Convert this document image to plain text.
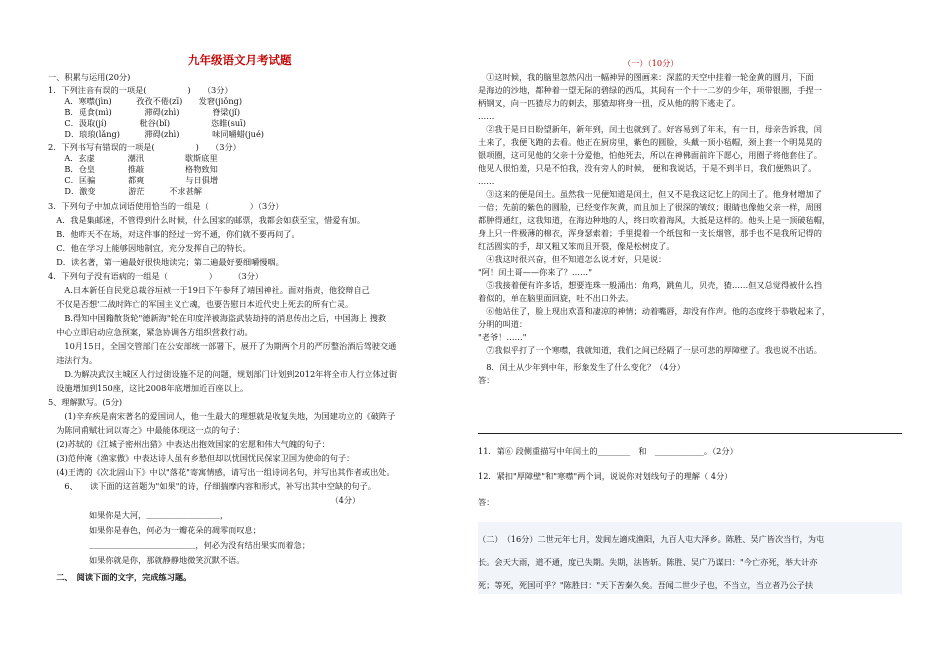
九年级语文月考试题
一、积累与运用(20分)
1．下列注音有误的一项是(　　　　　)　　（3分）
　　A．寒噤(jìn)　　　孜孜不倦(zī)　　发窘(jiǒng)
　　B．觅食(mì)　　　　滞碍(zhì)　　　　脊梁(jǐ)
　　C．汲取(jí)　　　　秕谷(bǐ)　　　　　恣睢(suī)
　　D．琅琅(lǎng)　　　滞碍(zhì)　　　　味同嚼蜡(jué)
2．下列书写有错误的一项是(　　　　　)　　（3分）
　　A．玄虚　　　　潮汛　　　　　歇斯底里
　　B．仓皇　　　　推敲　　　　　格物致知
　　C．匡骗　　　　都爽　　　　　与日俱增
　　D．激变　　　　游茫　　　不求甚解
3．下列句子中加点词语使用恰当的一组是（　　　　　）（3分）
　A．我是集邮迷，不管得到什么时候，什么国家的邮票，我都会如获至宝，惜爱有加。
　B．他昨天不在场，对这件事的经过一窍不通，你们就不要再问了。
　C．他在学习上能够因地制宜，充分发挥自己的特长。
　D．读名著，第一遍最好很快地读完；第二遍最好要细嚼慢咽。
4．下列句子没有语病的一组是（　　　　　）　　　（3分）
　　A.日本新任自民党总裁谷垣祯一于19日下午参拜了靖国神社。面对指责，他狡辩自己
　不仅是否想'二战时阵亡的军国主义亡魂，也要告慰日本近代史上死去的所有亡灵。
　　B.得知中国籍散货轮"德新海"轮在印度洋被海盗武装劫持的消息传出之后，中国海上 搜救
　中心立即启动应急预案，紧急协调各方组织营救行动。
　　10月15日，全国交管部门在公安部统一部署下，展开了为期两个月的严厉整治酒后驾驶交通
　违法行为。
　　D.为解决武汉主城区人行过街设施不足的问题，规划部门计划到2012年将全市人行立体过街
　设施增加到150座，这比2008年底增加近百座以上。
5、理解默写。(5分)
　　(1)辛弃疾是南宋著名的爱国词人，他一生最大的理想就是收复失地，为国建功立的《破阵子
　为陈同甫赋壮词以寄之》中最能体现这一点的句子：
　(2)苏轼的《江城子密州出猎》中表达出抱效国家的宏愿和伟大气魄的句子：
　(3)范仲淹《渔家傲》中表达诗人虽有乡愁但却以忧国忧民保家卫国为使命的句子：
　(4)王湾的《次北固山下》中以"落花"寄寓情感，请写出一组诗词名句，并写出其作者或出处。
　　6、　　读下面的这首题为"如果"的诗，仔细揣摩内容和形式，补写出其中空缺的句子。
　　　　　　　　　　　　　　　　　　　　　　　　　　　　　　　　　　　（4分）
　　　　　如果你是大河，＿＿＿＿＿＿＿＿＿，
　　　　　如果你是春色，何必为一瓣花朵的凋零而叹息；
　　　　　＿＿＿＿＿＿＿＿＿＿＿＿＿，何必为没有结出果实而着急；
　　　　　如果你就是你，那就静静地微笑沉默不语。
　二、　阅读下面的文字，完成练习题。
（一）（10分）
　①这时候，我的脑里忽然闪出一幅神异的图画来：深蓝的天空中挂着一轮金黄的圆月，下面
是海边的沙地，都种着一望无际的碧绿的西瓜，其间有一个十一二岁的少年，项带银圈，手捏一
柄钢叉，向一匹猹尽力的刺去，那猹却将身一扭，反从他的胯下逃走了。
……
　②我于是日日盼望新年，新年到，闰土也就到了。好容易到了年末，有一日，母亲告诉我，闰
土来了，我便飞跑的去看。他正在厨房里，紫色的圆脸，头戴一顶小毡帽，颈上套一个明晃晃的
银项圈，这可见他的父亲十分爱他，怕他死去，所以在神佛面前许下愿心，用圈子将他套住了。
他见人很怕羞，只是不怕我，没有旁人的时候， 便和我说话，于是不到半日，我们便熟识了。
……
　③这来的便是闰土。虽然我一见便知道是闰土，但又不是我这记忆上的闰土了。他身材增加了
一倍；先前的紫色的圆脸，已经变作灰黄，而且加上了很深的皱纹；眼睛也像他父亲一样，周围
都肿得通红，这我知道，在海边种地的人，终日吹着海风，大抵是这样的。他头上是一顶破毡帽，
身上只一件极薄的棉衣，浑身瑟索着；手里提着一个纸包和一支长烟管，那手也不是我所记得的
红活圆实的手，却又粗又笨而且开裂，像是松树皮了。
　④我这时很兴奋，但不知道怎么说才好，只是说：
"阿！闰土哥——你来了？……"
　⑤我接着便有许多话，想要连珠一般涌出：角鸡，跳鱼儿，贝壳，猹……但又总觉得被什么挡
着似的，单在脑里面回旋，吐不出口外去。
　⑥他站住了，脸上现出欢喜和凄凉的神情；动着嘴唇，却没有作声。他的态度终于恭敬起来了，
分明的叫道：
"老爷！……"
　⑦我似乎打了一个寒噤，我就知道，我们之间已经隔了一层可悲的厚障壁了。我也说不出话。
　8．闰土从少年到中年，形象发生了什么变化？（4分）
答：
11．第⑥ 段侧重描写中年闰土的________　和　____________。（2分）
12．紧扣"厚障壁"和"寒噤"两个词，说说你对划线句子的理解（ 4分）
答：
（二）　（16分）二世元年七月，发闾左適戍渔阳，九百人屯大泽乡。陈胜、吴广皆次当行，为屯
长。会天大雨，道不通，度已失期。失期，法皆斩。陈胜、吴广乃谋曰："今亡亦死，举大计亦
死；等死，死国可乎？"陈胜曰："天下苦秦久矣。吾闻二世少子也，不当立，当立者乃公子扶
